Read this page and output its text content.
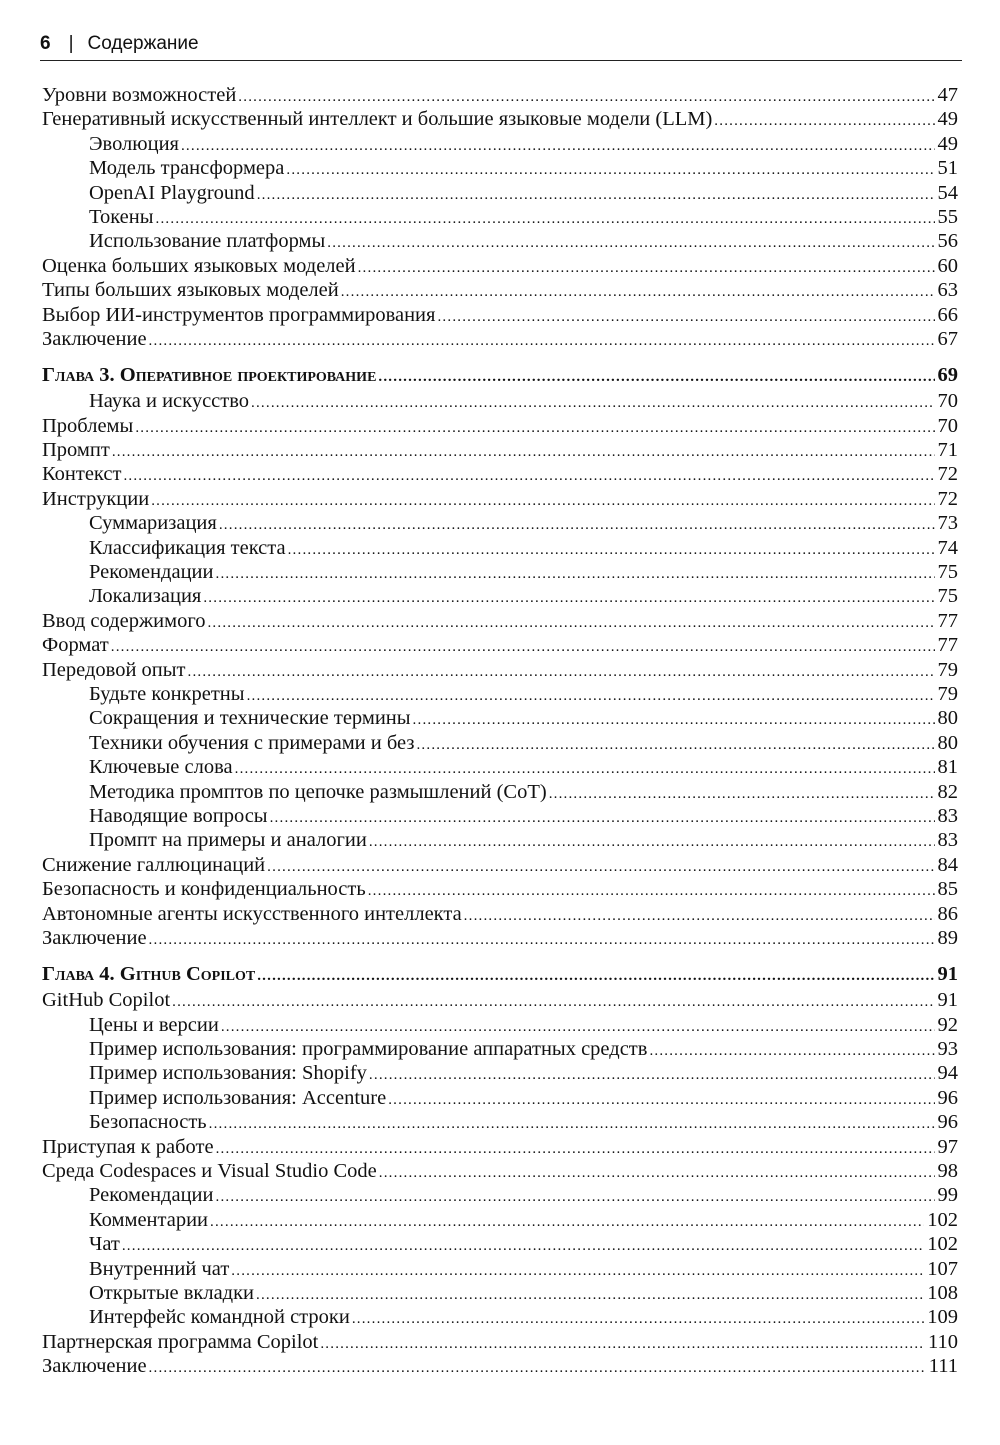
6 | Содержание
Уровни возможностей .....	47
Генеративный искусственный интеллект и большие языковые модели (LLM) .....	49
Эволюция .....	49
Модель трансформера .....	51
OpenAI Playground .....	54
Токены .....	55
Использование платформы .....	56
Оценка больших языковых моделей .....	60
Типы больших языковых моделей .....	63
Выбор ИИ-инструментов программирования .....	66
Заключение .....	67
Глава 3. Оперативное проектирование .....	69
Наука и искусство .....	70
Проблемы .....	70
Промпт .....	71
Контекст .....	72
Инструкции .....	72
Суммаризация .....	73
Классификация текста .....	74
Рекомендации .....	75
Локализация .....	75
Ввод содержимого .....	77
Формат .....	77
Передовой опыт .....	79
Будьте конкретны .....	79
Сокращения и технические термины .....	80
Техники обучения с примерами и без .....	80
Ключевые слова .....	81
Методика промптов по цепочке размышлений (CoT) .....	82
Наводящие вопросы .....	83
Промпт на примеры и аналогии .....	83
Снижение галлюцинаций .....	84
Безопасность и конфиденциальность .....	85
Автономные агенты искусственного интеллекта .....	86
Заключение .....	89
Глава 4. Github Copilot .....	91
GitHub Copilot .....	91
Цены и версии .....	92
Пример использования: программирование аппаратных средств .....	93
Пример использования: Shopify .....	94
Пример использования: Accenture .....	96
Безопасность .....	96
Приступая к работе .....	97
Среда Codespaces и Visual Studio Code .....	98
Рекомендации .....	99
Комментарии .....	102
Чат .....	102
Внутренний чат .....	107
Открытые вкладки .....	108
Интерфейс командной строки .....	109
Партнерская программа Copilot .....	110
Заключение .....	111
